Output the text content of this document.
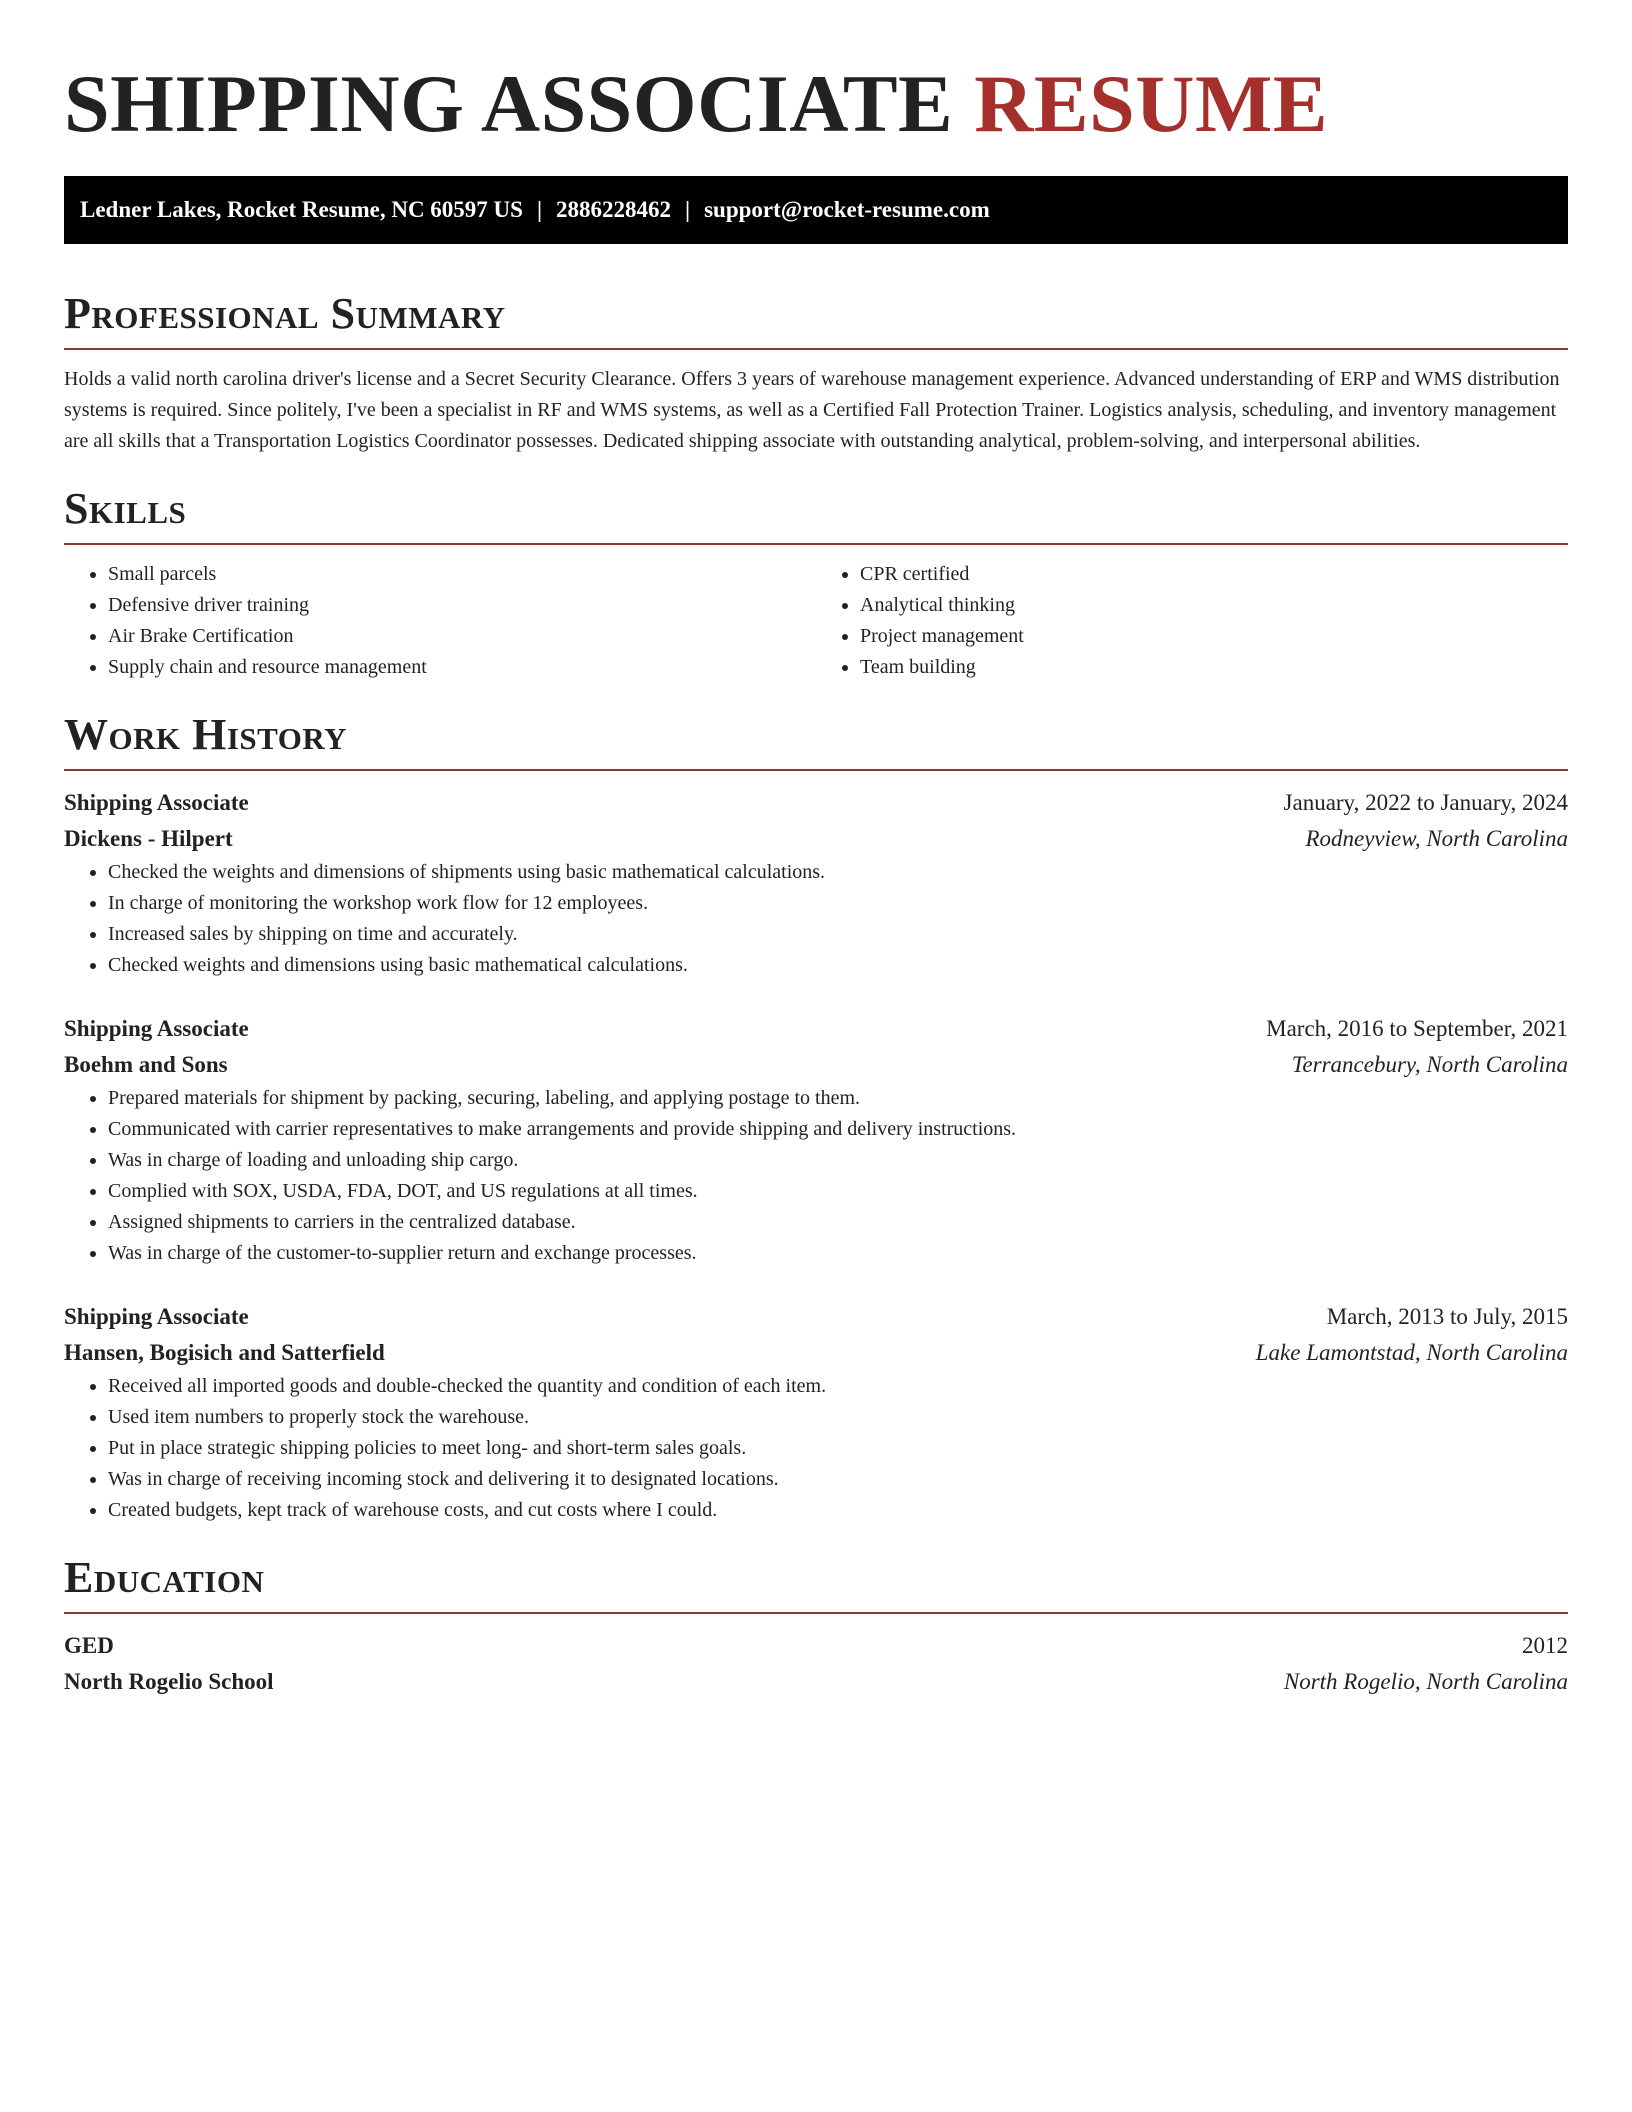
SHIPPING ASSOCIATE RESUME
Ledner Lakes, Rocket Resume, NC 60597 US | 2886228462 | support@rocket-resume.com
Professional Summary

Holds a valid north carolina driver's license and a Secret Security Clearance. Offers 3 years of warehouse management experience. Advanced understanding of ERP and WMS distribution systems is required. Since politely, I've been a specialist in RF and WMS systems, as well as a Certified Fall Protection Trainer. Logistics analysis, scheduling, and inventory management are all skills that a Transportation Logistics Coordinator possesses. Dedicated shipping associate with outstanding analytical, problem-solving, and interpersonal abilities.

Skills
• Small parcels
• Defensive driver training
• Air Brake Certification
• Supply chain and resource management
• CPR certified
• Analytical thinking
• Project management
• Team building
Work History
Shipping Associate	January, 2022 to January, 2024
Dickens - Hilpert	Rodneyview, North Carolina
• Checked the weights and dimensions of shipments using basic mathematical calculations.
• In charge of monitoring the workshop work flow for 12 employees.
• Increased sales by shipping on time and accurately.
• Checked weights and dimensions using basic mathematical calculations.
Shipping Associate	March, 2016 to September, 2021
Boehm and Sons	Terrancebury, North Carolina
• Prepared materials for shipment by packing, securing, labeling, and applying postage to them.
• Communicated with carrier representatives to make arrangements and provide shipping and delivery instructions.
• Was in charge of loading and unloading ship cargo.
• Complied with SOX, USDA, FDA, DOT, and US regulations at all times.
• Assigned shipments to carriers in the centralized database.
• Was in charge of the customer-to-supplier return and exchange processes.
Shipping Associate	March, 2013 to July, 2015
Hansen, Bogisich and Satterfield	Lake Lamontstad, North Carolina
• Received all imported goods and double-checked the quantity and condition of each item.
• Used item numbers to properly stock the warehouse.
• Put in place strategic shipping policies to meet long- and short-term sales goals.
• Was in charge of receiving incoming stock and delivering it to designated locations.
• Created budgets, kept track of warehouse costs, and cut costs where I could.
Education
GED	2012
North Rogelio School	North Rogelio, North Carolina
